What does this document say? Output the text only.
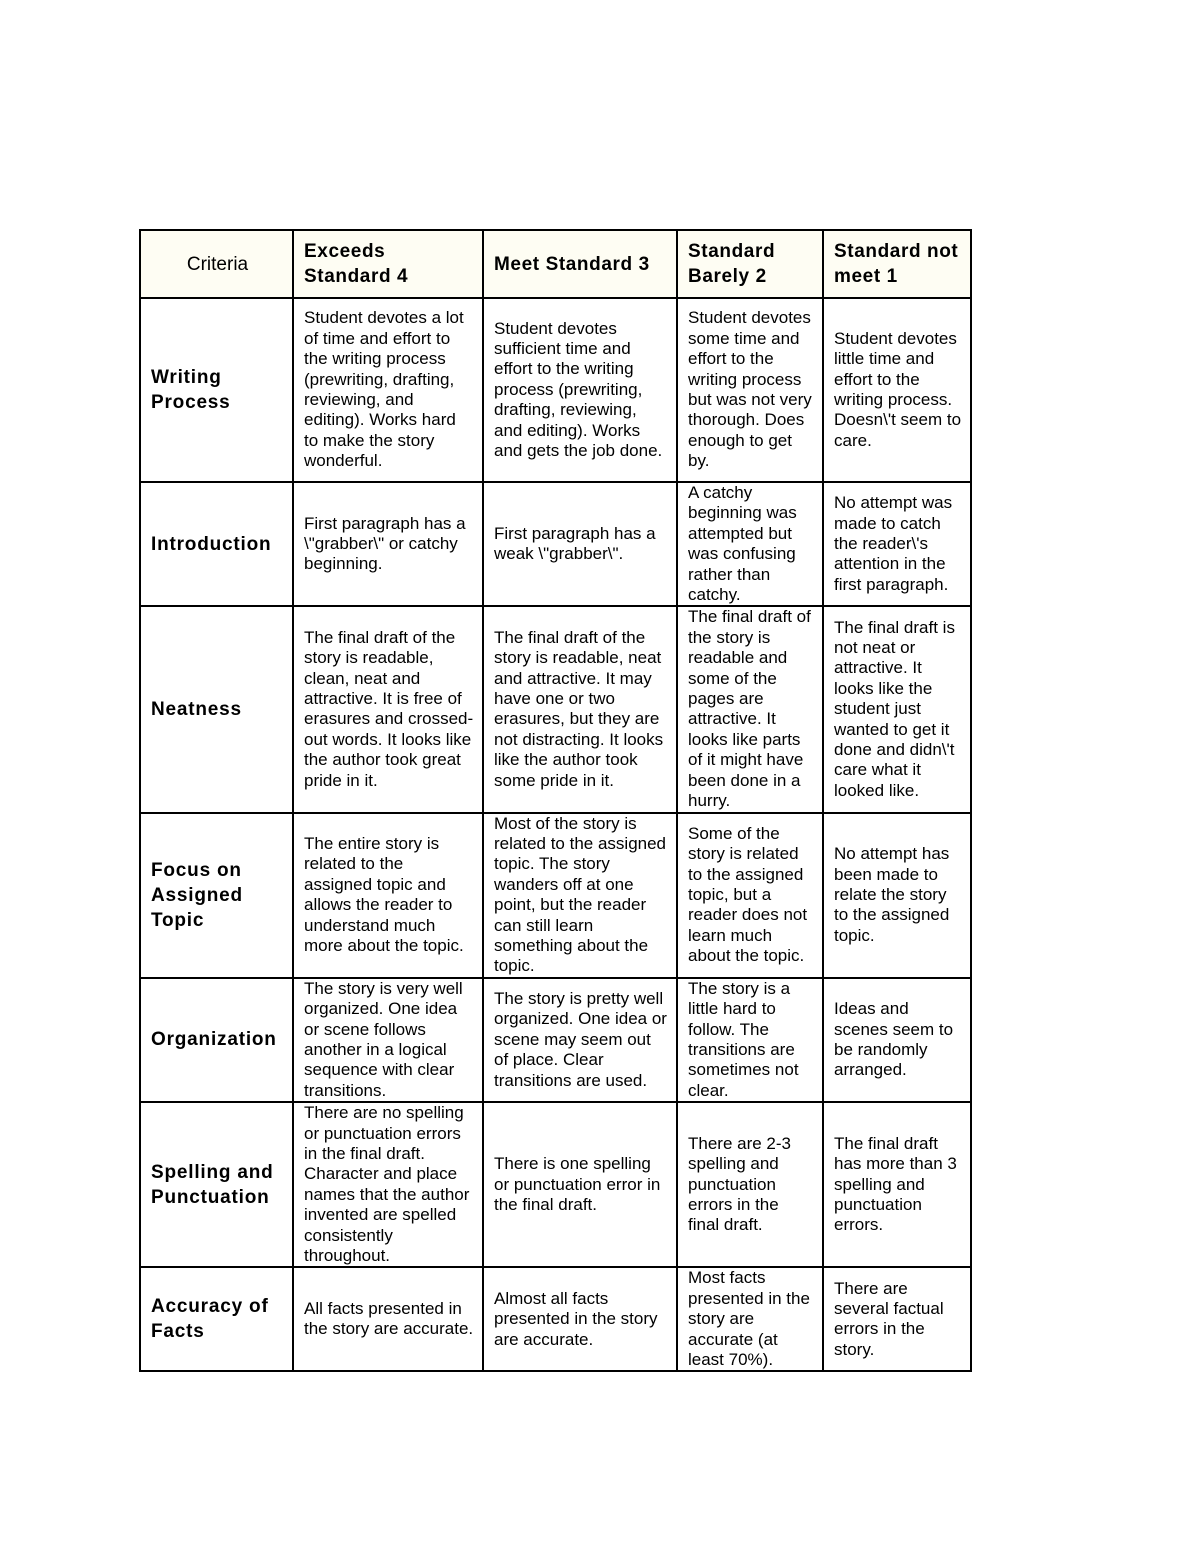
Criteria	Exceeds Standard 4	Meet Standard 3	Standard Barely 2	Standard not meet 1
Writing Process	Student devotes a lot of time and effort to the writing process (prewriting, drafting, reviewing, and editing). Works hard to make the story wonderful.	Student devotes sufficient time and effort to the writing process (prewriting, drafting, reviewing, and editing). Works and gets the job done.	Student devotes some time and effort to the writing process but was not very thorough. Does enough to get by.	Student devotes little time and effort to the writing process. Doesn\'t seem to care.
Introduction	First paragraph has a \"grabber\" or catchy beginning.	First paragraph has a weak \"grabber\".	A catchy beginning was attempted but was confusing rather than catchy.	No attempt was made to catch the reader\'s attention in the first paragraph.
Neatness	The final draft of the story is readable, clean, neat and attractive. It is free of erasures and crossed-out words. It looks like the author took great pride in it.	The final draft of the story is readable, neat and attractive. It may have one or two erasures, but they are not distracting. It looks like the author took some pride in it.	The final draft of the story is readable and some of the pages are attractive. It looks like parts of it might have been done in a hurry.	The final draft is not neat or attractive. It looks like the student just wanted to get it done and didn\'t care what it looked like.
Focus on Assigned Topic	The entire story is related to the assigned topic and allows the reader to understand much more about the topic.	Most of the story is related to the assigned topic. The story wanders off at one point, but the reader can still learn something about the topic.	Some of the story is related to the assigned topic, but a reader does not learn much about the topic.	No attempt has been made to relate the story to the assigned topic.
Organization	The story is very well organized. One idea or scene follows another in a logical sequence with clear transitions.	The story is pretty well organized. One idea or scene may seem out of place. Clear transitions are used.	The story is a little hard to follow. The transitions are sometimes not clear.	Ideas and scenes seem to be randomly arranged.
Spelling and Punctuation	There are no spelling or punctuation errors in the final draft. Character and place names that the author invented are spelled consistently throughout.	There is one spelling or punctuation error in the final draft.	There are 2-3 spelling and punctuation errors in the final draft.	The final draft has more than 3 spelling and punctuation errors.
Accuracy of Facts	All facts presented in the story are accurate.	Almost all facts presented in the story are accurate.	Most facts presented in the story are accurate (at least 70%).	There are several factual errors in the story.
